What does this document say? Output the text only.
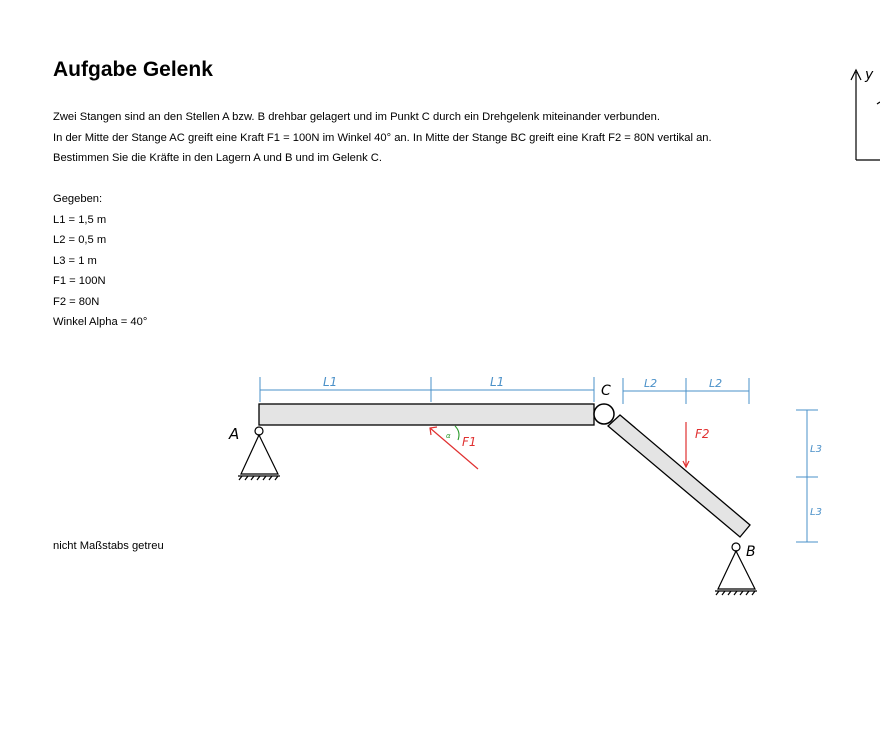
Aufgabe Gelenk
Zwei Stangen sind an den Stellen A bzw. B drehbar gelagert und im Punkt C durch ein Drehgelenk miteinander verbunden.
In der Mitte der Stange AC greift eine Kraft F1 = 100N im Winkel 40° an. In Mitte der Stange BC greift eine Kraft F2 = 80N vertikal an.
Bestimmen Sie die Kräfte in den Lagern A und B und im Gelenk C.
Gegeben:
L1 = 1,5 m
L2 = 0,5 m
L3 = 1 m
F1 = 100N
F2 = 80N
Winkel Alpha = 40°
nicht Maßstabs getreu
y
L1	L1	L2	L2
L3
L3
α F1
F2
A
C
B
